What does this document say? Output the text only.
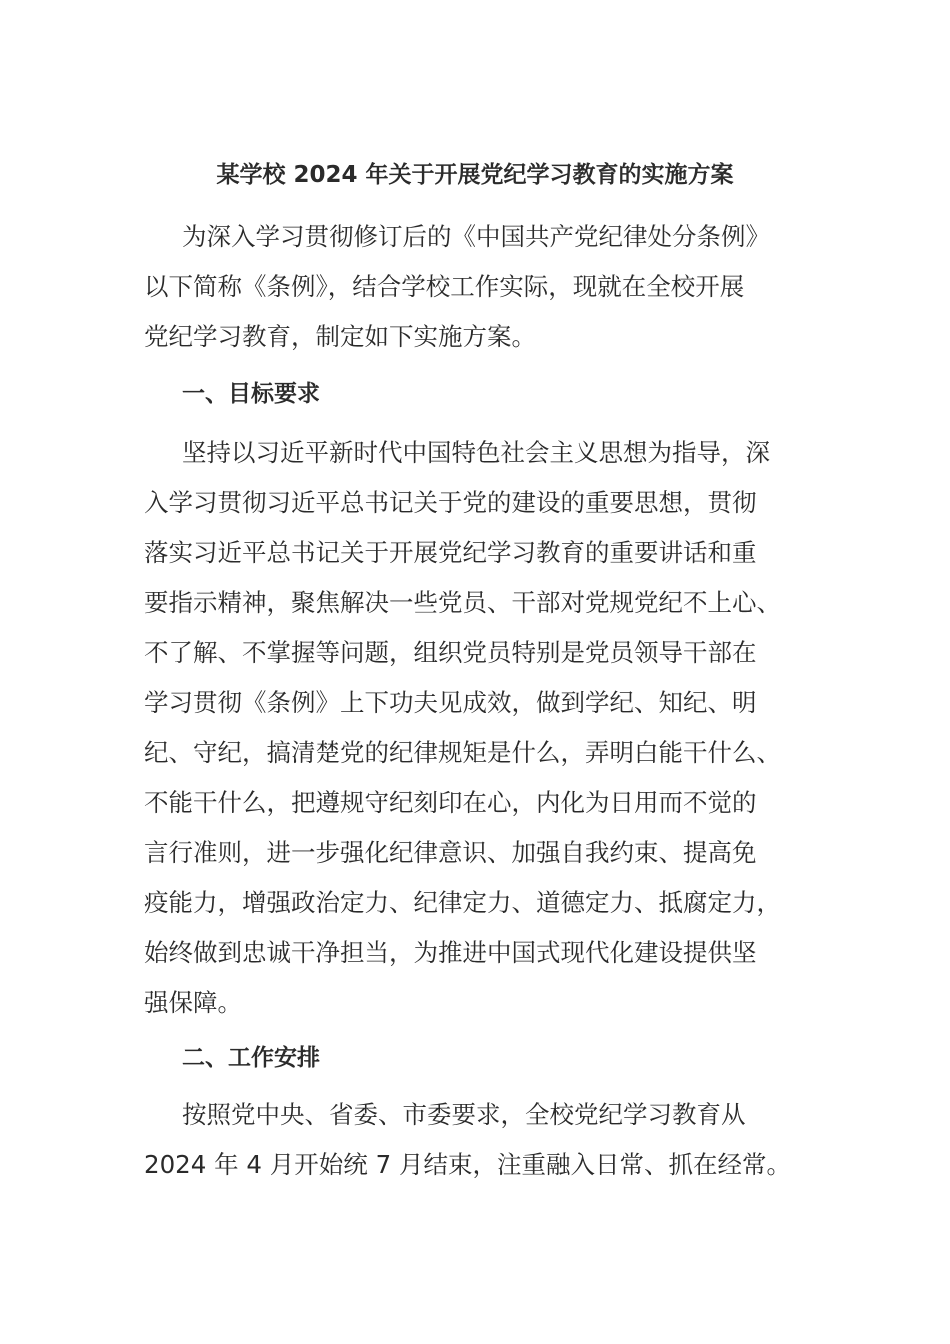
某学校 2024 年关于开展党纪学习教育的实施方案

为深入学习贯彻修订后的《中国共产党纪律处分条例》
以下简称《条例》，结合学校工作实际，现就在全校开展
党纪学习教育，制定如下实施方案。

一、目标要求

坚持以习近平新时代中国特色社会主义思想为指导，深
入学习贯彻习近平总书记关于党的建设的重要思想，贯彻
落实习近平总书记关于开展党纪学习教育的重要讲话和重
要指示精神，聚焦解决一些党员、干部对党规党纪不上心、
不了解、不掌握等问题，组织党员特别是党员领导干部在
学习贯彻《条例》上下功夫见成效，做到学纪、知纪、明
纪、守纪，搞清楚党的纪律规矩是什么，弄明白能干什么、
不能干什么，把遵规守纪刻印在心，内化为日用而不觉的
言行准则，进一步强化纪律意识、加强自我约束、提高免
疫能力，增强政治定力、纪律定力、道德定力、抵腐定力，
始终做到忠诚干净担当，为推进中国式现代化建设提供坚
强保障。

二、工作安排

按照党中央、省委、市委要求，全校党纪学习教育从
2024 年 4 月开始统 7 月结束，注重融入日常、抓在经常。
